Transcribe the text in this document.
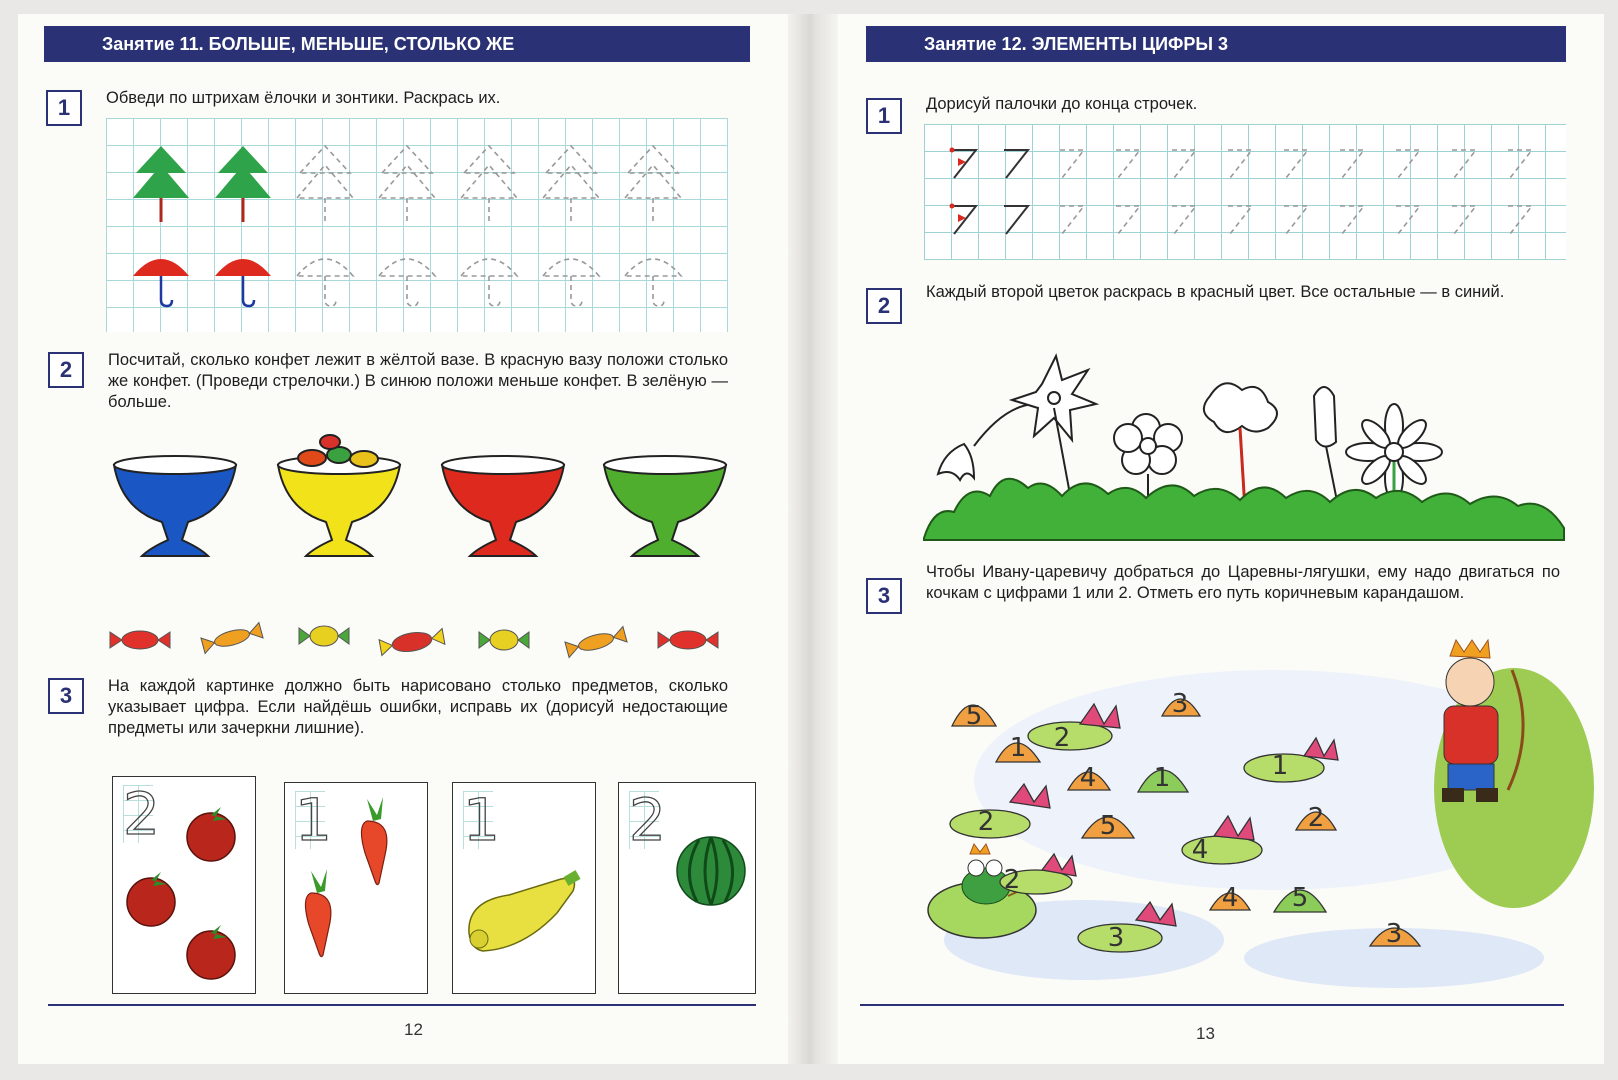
Занятие 11. БОЛЬШЕ, МЕНЬШЕ, СТОЛЬКО ЖЕ
1	Обведи по штрихам ёлочки и зонтики. Раскрась их.
2	Посчитай, сколько конфет лежит в жёлтой вазе. В красную вазу положи столько же конфет. (Проведи стрелочки.) В синюю положи меньше конфет. В зелёную — больше.
3	На каждой картинке должно быть нарисовано столько предметов, сколько указывает цифра. Если найдёшь ошибки, исправь их (дорисуй недостающие предметы или зачеркни лишние).
2 1 1 2
12
Занятие 12. ЭЛЕМЕНТЫ ЦИФРЫ 3
1	Дорисуй палочки до конца строчек.
2
Каждый второй цветок раскрась в красный цвет. Все остальные — в синий.
3
Чтобы Ивану-царевичу добраться до Царевны-лягушки, ему надо двигаться по кочкам с цифрами 1 или 2. Отметь его путь коричневым карандашом.
5
2
3
1
4 1	1
2	5	2
4
2
4 5
3	3
13
